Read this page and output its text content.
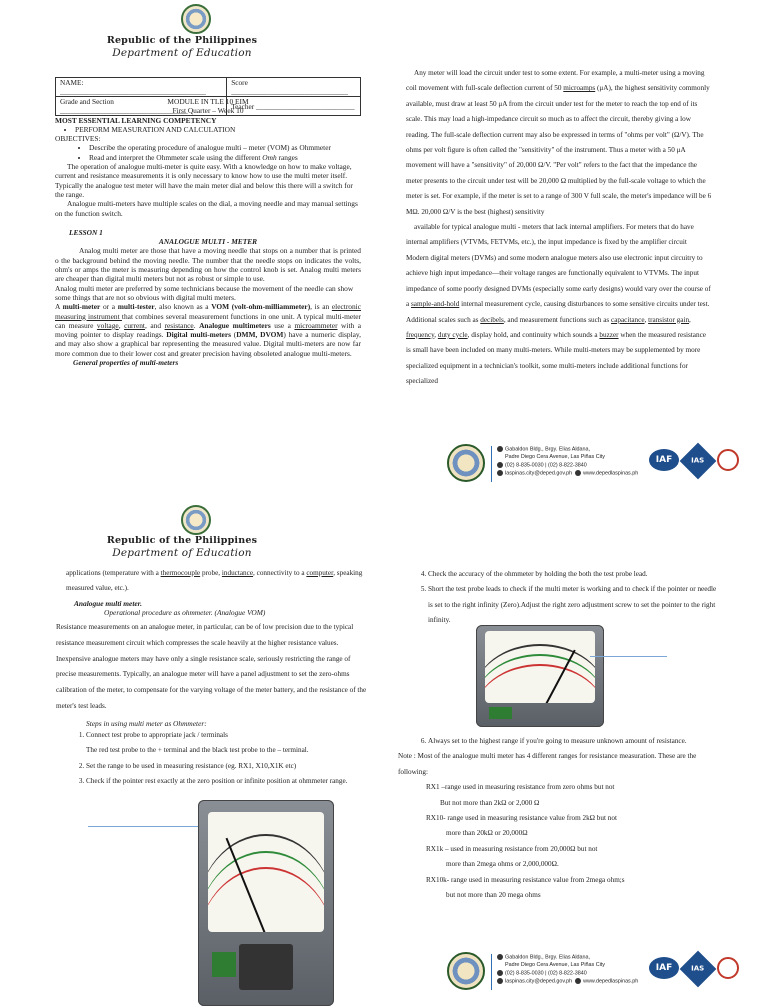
Republic of the Philippines
Department of Education
NAME: ________________________________________	Score ________________________________
Grade and Section ___________________________________	Teacher ___________________________

MODULE IN TLE 10 EIM

First Quarter – Week 10

MOST ESSENTIAL LEARNING COMPETENCY

• PERFORM MEASURATION AND CALCULATION

OBJECTIVES:

• Describe the operating procedure of analogue multi – meter (VOM) as Ohmmeter
• Read and interpret the Ohmmeter scale using the different Omh ranges

The operation of analogue multi-meter is quite easy. With a knowledge on how to make voltage, current and resistance measurements it is only necessary to know how to use the multi meter itself. Typically the analogue test meter will have the main meter dial and below this there will a switch for the range.

Analogue multi-meters have multiple scales on the dial, a moving needle and may manual settings on the function switch.

LESSON 1

ANALOGUE MULTI - METER

Analog multi meter are those that have a moving needle that stops on a number that is printed o the background behind the moving needle. The number that the needle stops on indicates the volts, ohm's or amps the meter is measuring depending on how the control knob is set. Analog multi meters are cheaper than digital multi meters but not as robust or simple to use.

Analog multi meter are preferred by some technicians because the movement of the needle can show some things that are not so obvious with digital multi meters.

A multi-meter or a multi-tester, also known as a VOM (volt-ohm-milliammeter), is an electronic measuring instrument that combines several measurement functions in one unit. A typical multi-meter can measure voltage, current, and resistance. Analogue multimeters use a microammeter with a moving pointer to display readings. Digital multi-meters (DMM, DVOM) have a numeric display, and may also show a graphical bar representing the measured value. Digital multi-meters are now far more common due to their lower cost and greater precision having obsoleted analogue multi-meters.

General properties of multi-meters

Any meter will load the circuit under test to some extent. For example, a multi-meter using a moving coil movement with full-scale deflection current of 50 microamps (μA), the highest sensitivity commonly available, must draw at least 50 μA from the circuit under test for the meter to reach the top end of its scale. This may load a high-impedance circuit so much as to affect the circuit, thereby giving a low reading. The full-scale deflection current may also be expressed in terms of "ohms per volt" (Ω/V). The ohms per volt figure is often called the "sensitivity" of the instrument. Thus a meter with a 50 μA movement will have a "sensitivity" of 20,000 Ω/V. "Per volt" refers to the fact that the impedance the meter presents to the circuit under test will be 20,000 Ω multiplied by the full-scale voltage to which the meter is set. For example, if the meter is set to a range of 300 V full scale, the meter's impedance will be 6 MΩ. 20,000 Ω/V is the best (highest) sensitivity

available for typical analogue multi - meters that lack internal amplifiers. For meters that do have internal amplifiers (VTVMs, FETVMs, etc.), the input impedance is fixed by the amplifier circuit

Modern digital meters (DVMs) and some modern analogue meters also use electronic input circuitry to achieve high input impedance—their voltage ranges are functionally equivalent to VTVMs. The input impedance of some poorly designed DVMs (especially some early designs) would vary over the course of a sample-and-hold internal measurement cycle, causing disturbances to some sensitive circuits under test.

Additional scales such as decibels, and measurement functions such as capacitance, transistor gain, frequency, duty cycle, display hold, and continuity which sounds a buzzer when the measured resistance is small have been included on many multi-meters. While multi-meters may be supplemented by more specialized equipment in a technician's toolkit, some multi-meters include additional functions for specialized

Gabaldon Bldg., Brgy. Elias Aldana,
Padre Diego Cera Avenue, Las Piñas City
(02) 8-835-0030 | (02) 8-822-3840
laspinas.city@deped.gov.ph www.depedlaspinas.ph
IAF	IAS
Republic of the Philippines
Department of Education

applications (temperature with a thermocouple probe, inductance, connectivity to a computer, speaking measured value, etc.).

Analogue multi meter.

Operational procedure as ohmmeter. (Analogue VOM)

Resistance measurements on an analogue meter, in particular, can be of low precision due to the typical resistance measurement circuit which compresses the scale heavily at the higher resistance values. Inexpensive analogue meters may have only a single resistance scale, seriously restricting the range of precise measurements. Typically, an analogue meter will have a panel adjustment to set the zero-ohms calibration of the meter, to compensate for the varying voltage of the meter battery, and the resistance of the meter's test leads.

Steps in using multi meter as Ohmmeter:

1. Connect test probe to appropriate jack / terminals
The red test probe to the + terminal and the black test probe to the – terminal.
2. Set the range to be used in measuring resistance (eg. RX1, X10,X1K etc)
3. Check if the pointer rest exactly at the zero position or infinite position at ohmmeter range.
4. Check the accuracy of the ohmmeter by holding the both the test probe lead.
5. Short the test probe leads to check if the multi meter is working and to check if the pointer or needle is set to the right infinity (Zero).Adjust the right zero adjustment screw to set the pointer to the right infinity.
6. Always set to the highest range if you're going to measure unknown amount of resistance.

Note : Most of the analogue multi meter has 4 different ranges for resistance measuration. These are the following:

RX1 –range used in measuring resistance from zero ohms but not

But not more than 2kΩ or 2,000 Ω

RX10- range used in measuring resistance value from 2kΩ but not

more than 20kΩ or 20,000Ω

RX1k – used in measuring resistance from 20,000Ω but not

more than 2mega ohms or 2,000,000Ω.

RX10k- range used in measuring resistance value from 2mega ohm;s

but not more than 20 mega ohms

Gabaldon Bldg., Brgy. Elias Aldana,
Padre Diego Cera Avenue, Las Piñas City
(02) 8-835-0030 | (02) 8-822-3840
laspinas.city@deped.gov.ph www.depedlaspinas.ph
IAF	IAS
